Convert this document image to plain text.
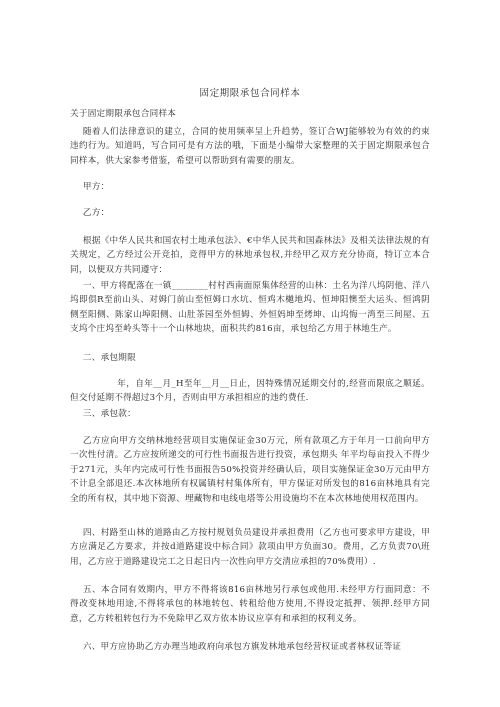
固定期限承包合同样本

关于固定期限承包合同样本

随着人们法律意识的建立，合同的使用频率呈上升趋势，签订合WJ能够较为有效的约束违约行为。知道吗，写合同可是有方法的哦，下面是小编带大家整理的关于固定期限承包合同样本，供大家参考借鉴，希望可以帮助到有需要的朋友。

甲方：

乙方：

根据《中华人民共和国农村土地承包法》、€中华人民共和国森林法》及相关法律法规的有关规定，乙方经过公开竞拍，竞得甲方的林地承包权,并经甲乙双方充分协商，特订立本合同，以便双方共同遵守：

一、甲方将配落在一镇________村村西南面原集体经营的山林：土名为洋八坞阴他、洋八坞即倶R至前山头、对姆门前山至恒姆口水坑、恒鸡木樾地坞、恒坤阳懊至大运头、恒鸿阴侧至阳侧、陈家山埠阳侧、山肚茶园至外恒姆、外恒妈坤至烤坤、山坞悔一湾至三间屋、五支坞个庄坞至岭头等十一个山林地块，面积共约816亩，承包给乙方用于林地生产。

二、承包期限

年，自年__月_H至年__月__日止，因特殊情况延期交付的,经营而限底之顺延。但交付延期不得超过3个月，否则由甲方承担相应的违约费任.

三、承包款：

乙方应向甲方交纳林地经营项目实施保证金30万元，所有款项乙方于年月一口前向甲方一次性付清。乙方应按所递交的可行性书面报告进行投资，承包期头 年平均每亩投入不得少于271元，头年内完成可行性书面报告50%投资并经确认后，项目实施保证金30万元由甲方不计息全部退还.本次林地所有权属镇村村集体所有，甲方保证对所发包的816亩林地具有完全的所有权，其中地下资源、埋藏物和电线电塔等公用设施均不在本次林地使用权范围内。

四、村路至山林的道路由乙方按村规划负员建设并承担费用（乙方也可要求甲方建设，甲方应满足乙方要求，并按d道路建设中标合同》款项由甲方负面30。费用，乙方负责70\班用，乙方应于道路建设完工之日起日内一次性向甲方交清应承担的70%费用）.

五、本合同有效期内，甲方不得将该816亩林地另行承包或他用.未经甲方行面同意：不得改变林地用途,不得将承包的林地转包、转租给他方使用,不得设定抵押、领押.经甲方同意，乙方转租转包行为不免除甲乙双方依本协议应享有和承担的权利义务。

六、甲方应协助乙方办理当地政府向承包方旗发林地承包经营权证或者林权证等证
